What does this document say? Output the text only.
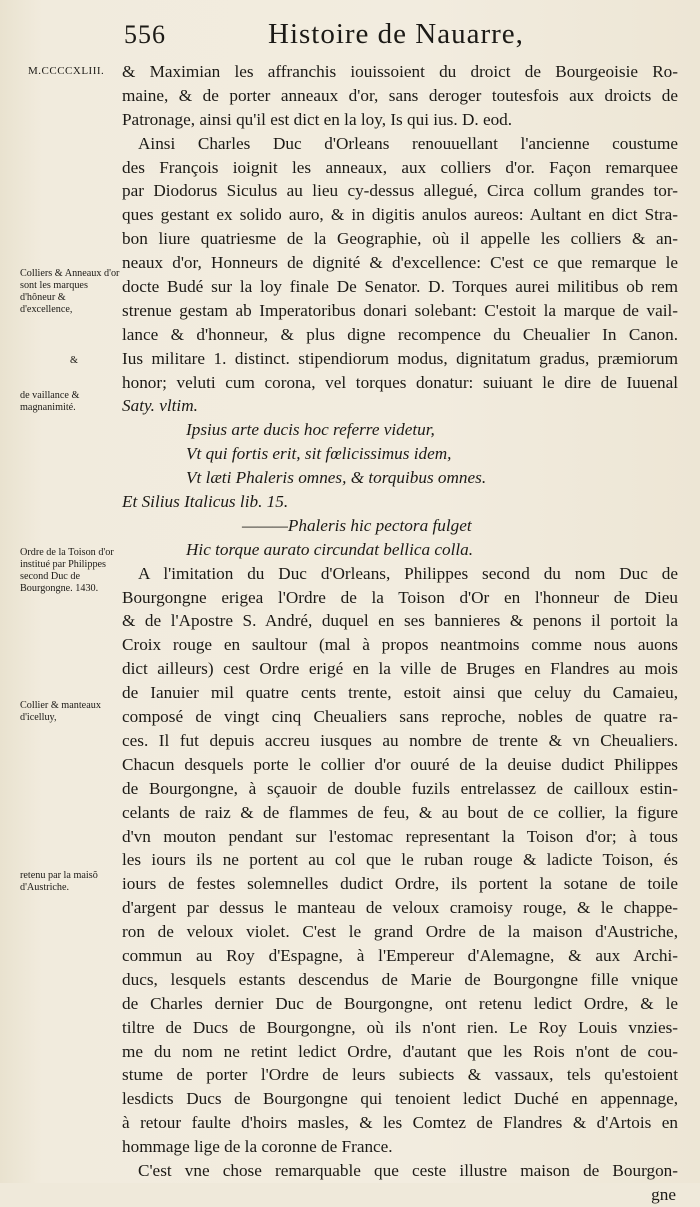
556	Histoire de Nauarre,
M.CCCCXLIII.
Colliers & Anneaux d'or sont les marques d'hôneur & d'excellence,
&
de vaillance & magnanimité.
Ordre de la Toison d'or institué par Philippes second Duc de Bourgongne. 1430.
Collier & manteaux d'icelluy,
retenu par la maisõ d'Austriche.
& Maximian les affranchis iouissoient du droict de Bourgeoisie Ro-
maine, & de porter anneaux d'or, sans deroger toutesfois aux droicts de
Patronage, ainsi qu'il est dict en la loy, Is qui ius. D. eod.
Ainsi Charles Duc d'Orleans renouuellant l'ancienne coustume
des François ioignit les anneaux, aux colliers d'or. Façon remarquee
par Diodorus Siculus au lieu cy-dessus allegué, Circa collum grandes tor-
ques gestant ex solido auro, & in digitis anulos aureos: Aultant en dict Stra-
bon liure quatriesme de la Geographie, où il appelle les colliers & an-
neaux d'or, Honneurs de dignité & d'excellence: C'est ce que remarque le
docte Budé sur la loy finale De Senator. D. Torques aurei militibus ob rem
strenue gestam ab Imperatoribus donari solebant: C'estoit la marque de vail-
lance & d'honneur, & plus digne recompence du Cheualier In Canon.
Ius militare 1. distinct. stipendiorum modus, dignitatum gradus, præmiorum
honor; veluti cum corona, vel torques donatur: suiuant le dire de Iuuenal
Saty. vltim.
Ipsius arte ducis hoc referre videtur,
Vt qui fortis erit, sit fœlicissimus idem,
Vt læti Phaleris omnes, & torquibus omnes.
Et Silius Italicus lib. 15.
———Phaleris hic pectora fulget
Hic torque aurato circundat bellica colla.
A l'imitation du Duc d'Orleans, Philippes second du nom Duc de
Bourgongne erigea l'Ordre de la Toison d'Or en l'honneur de Dieu
& de l'Apostre S. André, duquel en ses bannieres & penons il portoit la
Croix rouge en saultour (mal à propos neantmoins comme nous auons
dict ailleurs) cest Ordre erigé en la ville de Bruges en Flandres au mois
de Ianuier mil quatre cents trente, estoit ainsi que celuy du Camaieu,
composé de vingt cinq Cheualiers sans reproche, nobles de quatre ra-
ces. Il fut depuis accreu iusques au nombre de trente & vn Cheualiers.
Chacun desquels porte le collier d'or ouuré de la deuise dudict Philippes
de Bourgongne, à sçauoir de double fuzils entrelassez de cailloux estin-
celants de raiz & de flammes de feu, & au bout de ce collier, la figure
d'vn mouton pendant sur l'estomac representant la Toison d'or; à tous
les iours ils ne portent au col que le ruban rouge & ladicte Toison, és
iours de festes solemnelles dudict Ordre, ils portent la sotane de toile
d'argent par dessus le manteau de veloux cramoisy rouge, & le chappe-
ron de veloux violet. C'est le grand Ordre de la maison d'Austriche,
commun au Roy d'Espagne, à l'Empereur d'Alemagne, & aux Archi-
ducs, lesquels estants descendus de Marie de Bourgongne fille vnique
de Charles dernier Duc de Bourgongne, ont retenu ledict Ordre, & le
tiltre de Ducs de Bourgongne, où ils n'ont rien. Le Roy Louis vnzies-
me du nom ne retint ledict Ordre, d'autant que les Rois n'ont de cou-
stume de porter l'Ordre de leurs subiects & vassaux, tels qu'estoient
lesdicts Ducs de Bourgongne qui tenoient ledict Duché en appennage,
à retour faulte d'hoirs masles, & les Comtez de Flandres & d'Artois en
hommage lige de la coronne de France.
C'est vne chose remarquable que ceste illustre maison de Bourgon-
gne
